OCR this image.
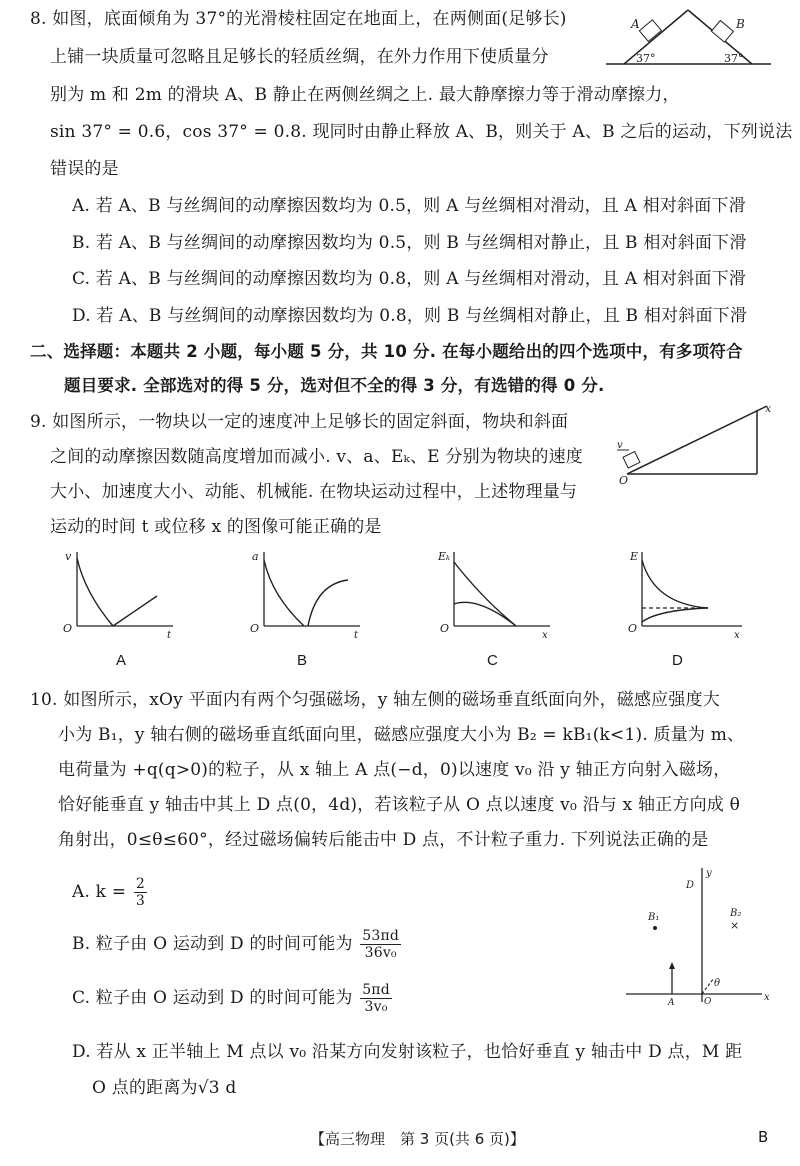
8. 如图，底面倾角为 37°的光滑棱柱固定在地面上，在两侧面(足够长)
上铺一块质量可忽略且足够长的轻质丝绸，在外力作用下使质量分
别为 m 和 2m 的滑块 A、B 静止在两侧丝绸之上. 最大静摩擦力等于滑动摩擦力，
sin 37° = 0.6，cos 37° = 0.8. 现同时由静止释放 A、B，则关于 A、B 之后的运动，下列说法
错误的是
A	B
37°	37°
A. 若 A、B 与丝绸间的动摩擦因数均为 0.5，则 A 与丝绸相对滑动，且 A 相对斜面下滑
B. 若 A、B 与丝绸间的动摩擦因数均为 0.5，则 B 与丝绸相对静止，且 B 相对斜面下滑
C. 若 A、B 与丝绸间的动摩擦因数均为 0.8，则 A 与丝绸相对滑动，且 A 相对斜面下滑
D. 若 A、B 与丝绸间的动摩擦因数均为 0.8，则 B 与丝绸相对静止，且 B 相对斜面下滑
二、选择题：本题共 2 小题，每小题 5 分，共 10 分. 在每小题给出的四个选项中，有多项符合
题目要求. 全部选对的得 5 分，选对但不全的得 3 分，有选错的得 0 分.
9. 如图所示，一物块以一定的速度冲上足够长的固定斜面，物块和斜面
之间的动摩擦因数随高度增加而减小. v、a、Eₖ、E 分别为物块的速度
大小、加速度大小、动能、机械能. 在物块运动过程中，上述物理量与
运动的时间 t 或位移 x 的图像可能正确的是
x
v
O
v
t
O
A
a
t
O
B
Eₖ
x
O
C
E
x
O
D
10. 如图所示，xOy 平面内有两个匀强磁场，y 轴左侧的磁场垂直纸面向外，磁感应强度大
小为 B₁，y 轴右侧的磁场垂直纸面向里，磁感应强度大小为 B₂ = kB₁(k<1). 质量为 m、
电荷量为 +q(q>0)的粒子，从 x 轴上 A 点(−d，0)以速度 v₀ 沿 y 轴正方向射入磁场，
恰好能垂直 y 轴击中其上 D 点(0，4d)，若该粒子从 O 点以速度 v₀ 沿与 x 轴正方向成 θ
角射出，0≤θ≤60°，经过磁场偏转后能击中 D 点，不计粒子重力. 下列说法正确的是
A. $k = \frac{2}{3}$
B. 粒子由 O 运动到 D 的时间可能为 $\frac{53\pi d}{\text{36v₀}}$
C. 粒子由 O 运动到 D 的时间可能为 $\frac{5\pi d}{\text{3v₀}}$
D. 若从 x 正半轴上 M 点以 v₀ 沿某方向发射该粒子，也恰好垂直 y 轴击中 D 点，M 距
O 点的距离为√3 d
x
y
D
B₁	B₂
×
θ
A	O
【高三物理　第 3 页(共 6 页)】	B
